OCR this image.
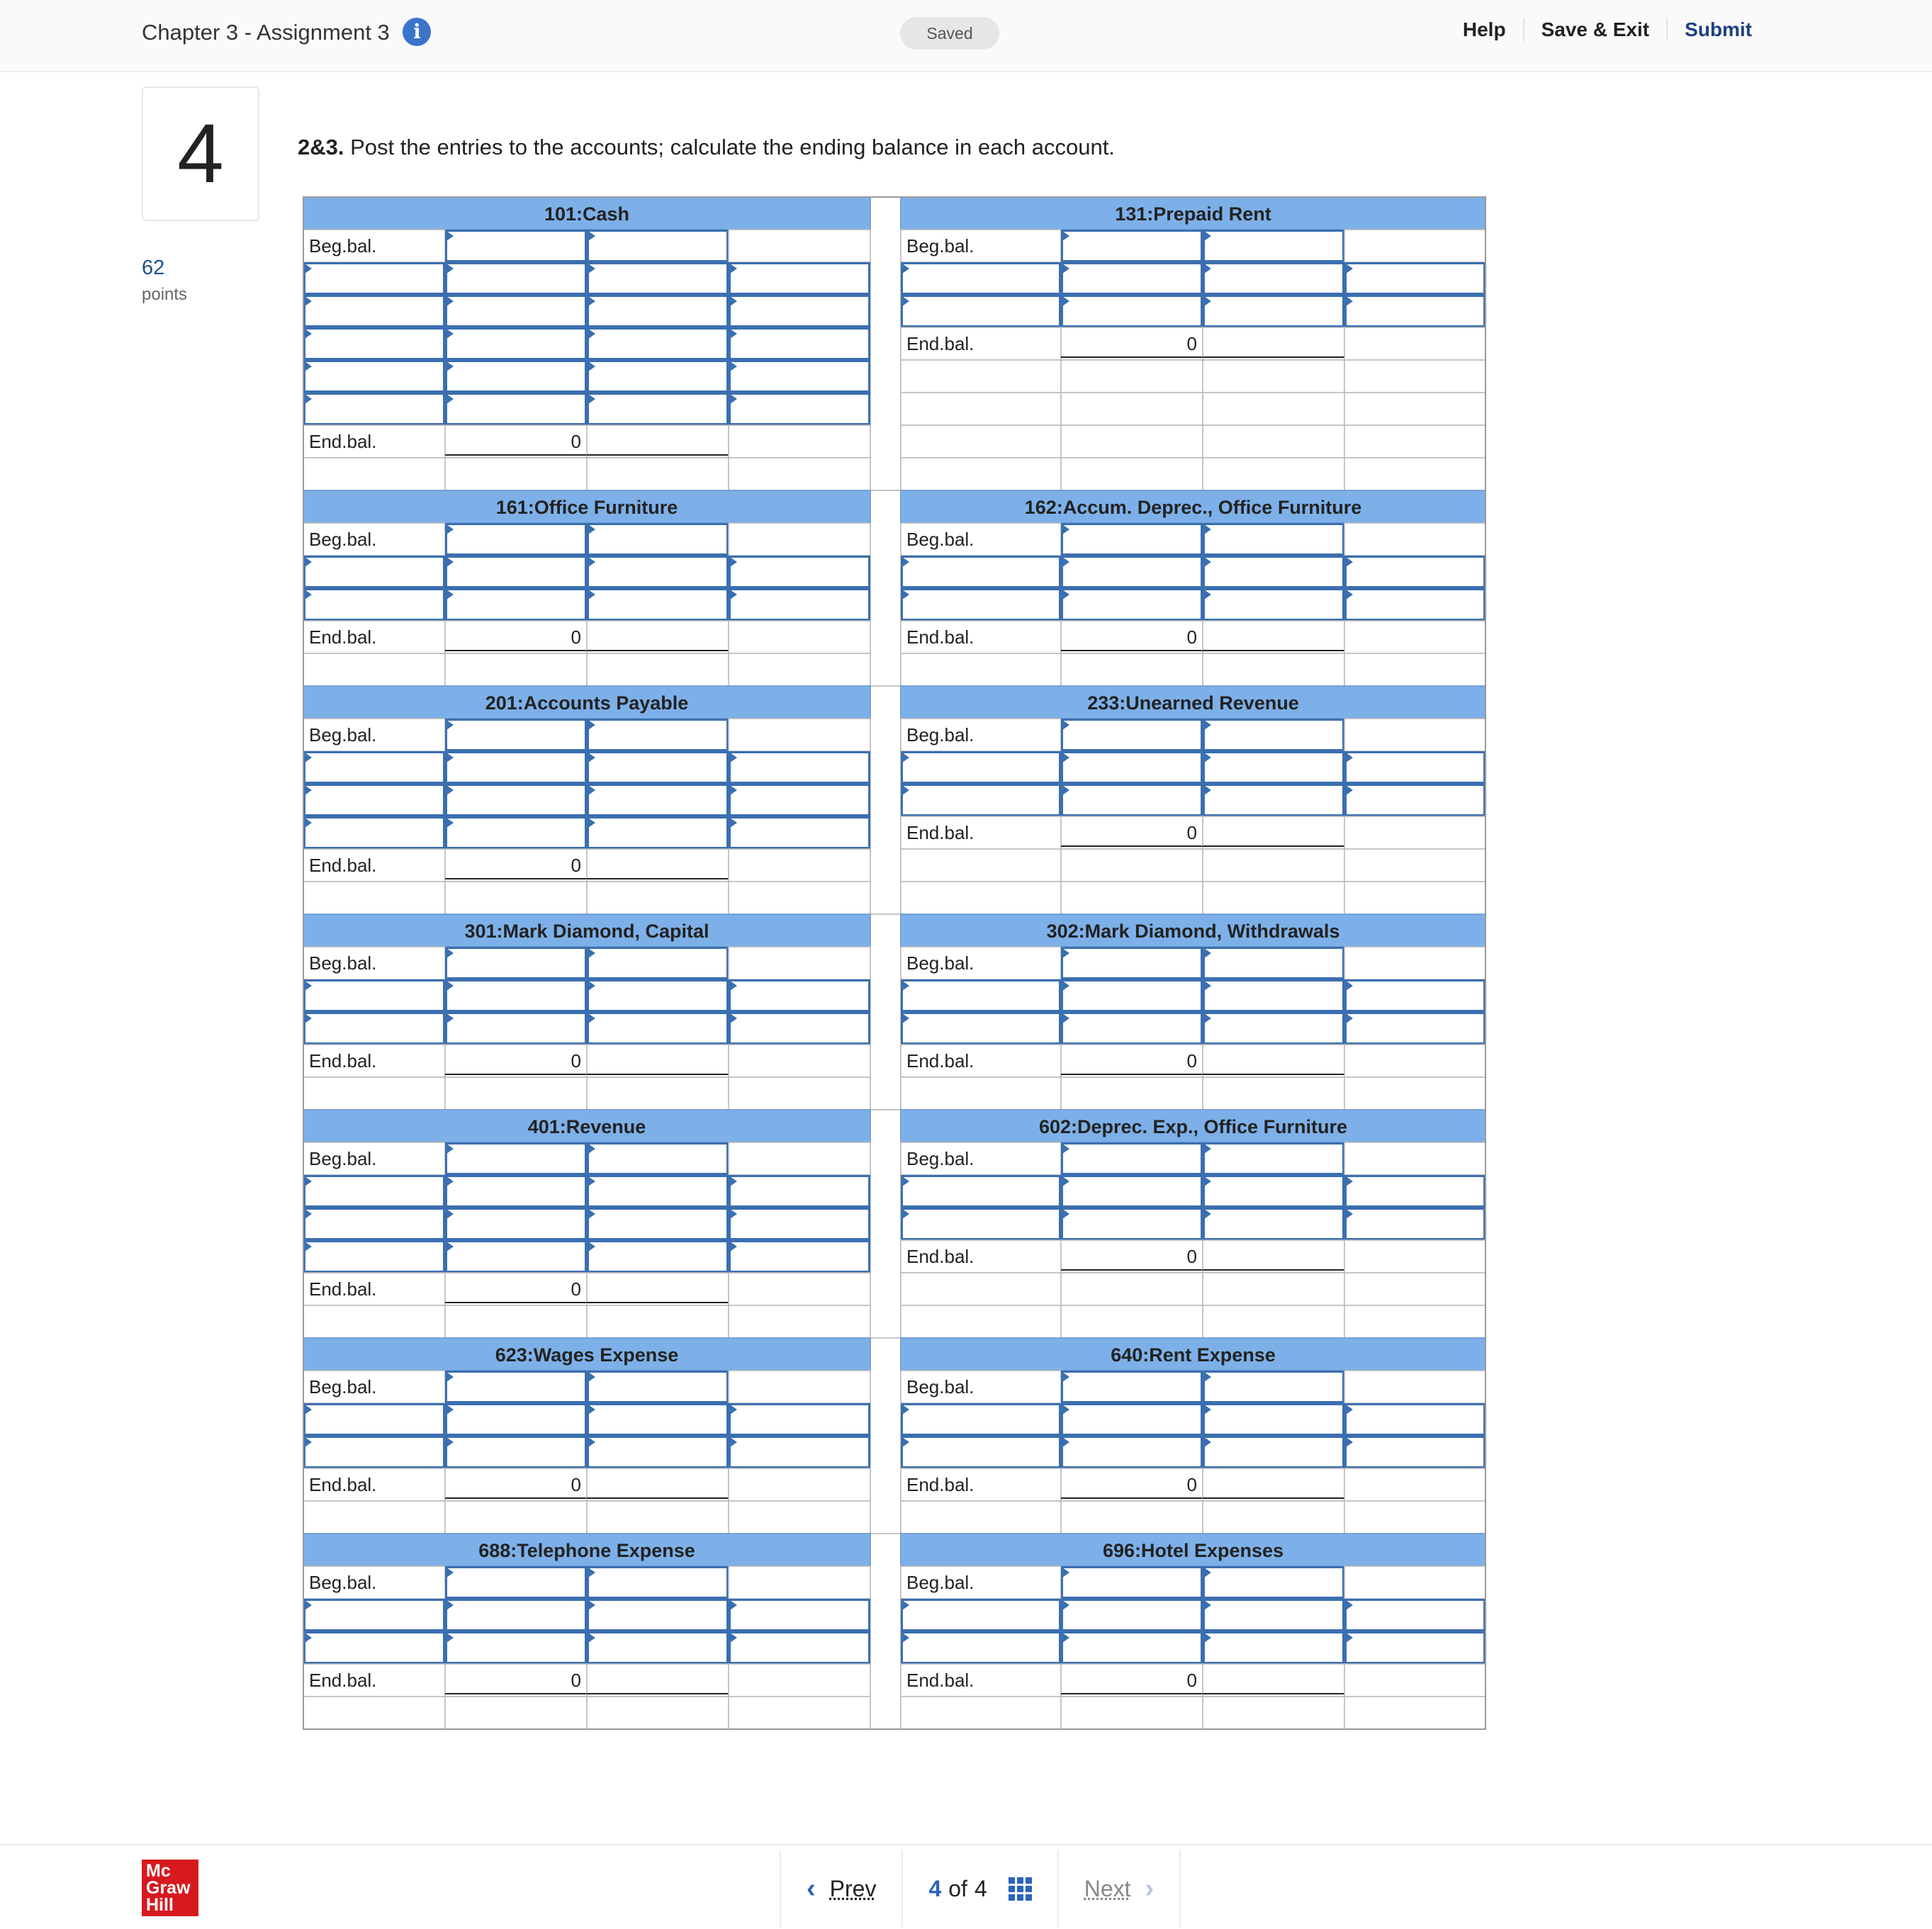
Chapter 3 - Assignment 3 i	Saved	Help	Save & Exit	Submit
4
62
points
2&3. Post the entries to the accounts; calculate the ending balance in each account.
101:Cash
Beg.bal.
End.bal.	0
131:Prepaid Rent
Beg.bal.
End.bal.	0
161:Office Furniture
Beg.bal.
End.bal.	0
162:Accum. Deprec., Office Furniture
Beg.bal.
End.bal.	0
201:Accounts Payable
Beg.bal.
End.bal.	0
233:Unearned Revenue
Beg.bal.
End.bal.	0
301:Mark Diamond, Capital
Beg.bal.
End.bal.	0
302:Mark Diamond, Withdrawals
Beg.bal.
End.bal.	0
401:Revenue
Beg.bal.
End.bal.	0
602:Deprec. Exp., Office Furniture
Beg.bal.
End.bal.	0
623:Wages Expense
Beg.bal.
End.bal.	0
640:Rent Expense
Beg.bal.
End.bal.	0
688:Telephone Expense
Beg.bal.
End.bal.	0
696:Hotel Expenses
Beg.bal.
End.bal.	0
Mc
Graw
Hill
‹ Prev 4 of 4	Next ›
